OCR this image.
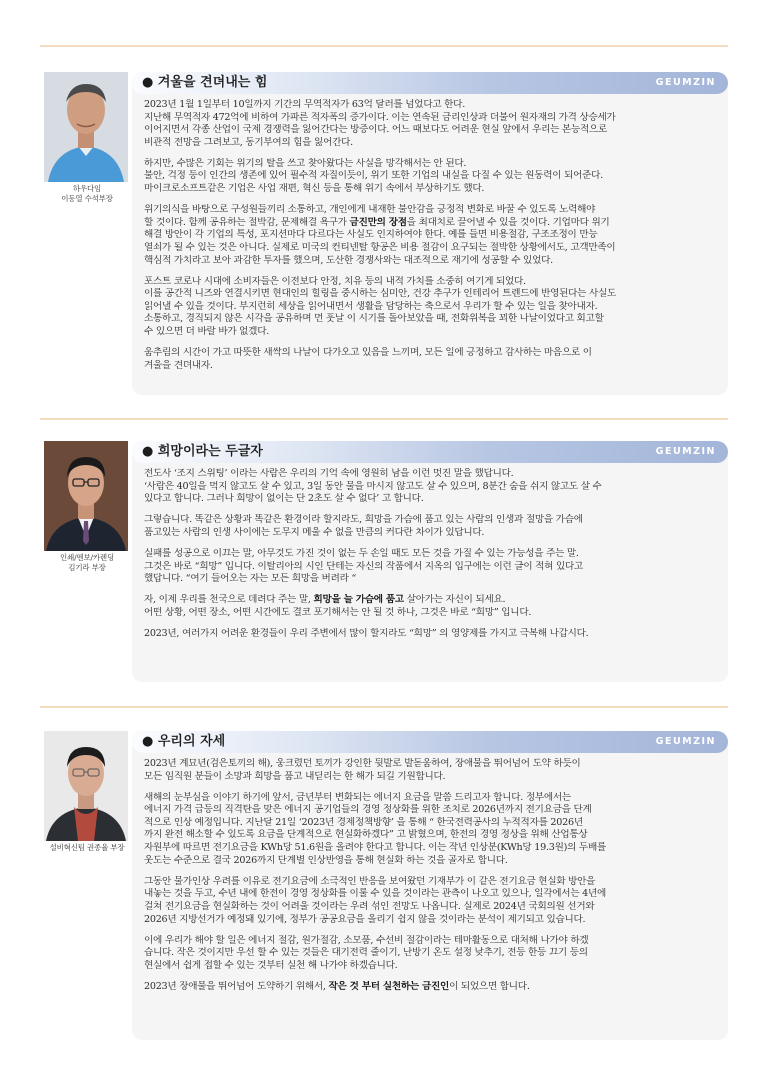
하우다임
이동열 수석부장
● 겨울을 견뎌내는 힘	GEUMZIN
2023년 1월 1일부터 10일까지 기간의 무역적자가 63억 달러를 넘었다고 한다.
지난해 무역적자 472억에 비하여 가파른 적자폭의 증가이다. 이는 연속된 금리인상과 더불어 원자재의 가격 상승세가
이어지면서 각종 산업이 국제 경쟁력을 잃어간다는 방증이다. 어느 때보다도 어려운 현실 앞에서 우리는 본능적으로
비관적 전망을 그려보고, 동기부여의 힘을 잃어간다.
하지만, 수많은 기회는 위기의 탈을 쓰고 찾아왔다는 사실을 망각해서는 안 된다.
불안, 걱정 등이 인간의 생존에 있어 필수적 자질이듯이, 위기 또한 기업의 내실을 다질 수 있는 원동력이 되어준다.
마이크로소프트같은 기업은 사업 재편, 혁신 등을 통해 위기 속에서 부상하기도 했다.
위기의식을 바탕으로 구성원들끼리 소통하고, 개인에게 내재한 불안감을 긍정적 변화로 바꿀 수 있도록 노력해야
할 것이다. 함께 공유하는 절박감, 문제해결 욕구가 금진만의 장점을 최대치로 끌어낼 수 있을 것이다. 기업마다 위기
해결 방안이 각 기업의 특성, 포지션마다 다르다는 사실도 인지하여야 한다. 예를 들면 비용절감, 구조조정이 만능
열쇠가 될 수 있는 것은 아니다. 실제로 미국의 컨티넨탈 항공은 비용 절감이 요구되는 절박한 상황에서도, 고객만족이
핵심적 가치라고 보아 과감한 투자를 했으며, 도산한 경쟁사와는 대조적으로 재기에 성공할 수 있었다.
포스트 코로나 시대에 소비자들은 이전보다 안정, 치유 등의 내적 가치를 소중히 여기게 되었다.
이를 공간적 니즈와 연결시키면 현대인의 힐링을 중시하는 심미안, 건강 추구가 인테리어 트렌드에 반영된다는 사실도
읽어낼 수 있을 것이다. 부지런히 세상을 읽어내면서 생활을 담당하는 축으로서 우리가 할 수 있는 일을 찾아내자.
소통하고, 경직되지 않은 시각을 공유하며 먼 훗날 이 시기를 돌아보았을 때, 전화위복을 꾀한 나날이었다고 회고할
수 있으면 더 바랄 바가 없겠다.
움추림의 시간이 가고 따뜻한 새싹의 나날이 다가오고 있음을 느끼며, 모든 일에 긍정하고 감사하는 마음으로 이
겨울을 견뎌내자.
인쇄/엔보/카렌딩
김기라 부장
● 희망이라는 두글자	GEUMZIN
전도사 ‘조지 스위팅’ 이라는 사람은 우리의 기억 속에 영원히 남을 이런 멋진 말을 했답니다.
‘사람은 40일을 먹지 않고도 살 수 있고, 3일 동안 물을 마시지 않고도 살 수 있으며, 8분간 숨을 쉬지 않고도 살 수
있다고 합니다. 그러나 희망이 없이는 단 2초도 살 수 없다’ 고 합니다.
그렇습니다. 똑같은 상황과 똑같은 환경이라 할지라도, 희망을 가슴에 품고 있는 사람의 인생과 절망을 가슴에
품고있는 사람의 인생 사이에는 도무지 메울 수 없을 만큼의 커다란 차이가 있답니다.
실패를 성공으로 이끄는 말, 아무것도 가진 것이 없는 두 손일 때도 모든 것을 가질 수 있는 가능성을 주는 말.
그것은 바로 “희망” 입니다. 이탈리아의 시인 단테는 자신의 작품에서 지옥의 입구에는 이런 글이 적혀 있다고
했답니다. “여기 들어오는 자는 모든 희망을 버려라 “
자, 이제 우리를 천국으로 데려다 주는 말, 희망을 늘 가슴에 품고 살아가는 자신이 되세요.
어떤 상황, 어떤 장소, 어떤 시간에도 결코 포기해서는 안 될 것 하나, 그것은 바로 “희망” 입니다.
2023년, 여러가지 어려운 환경들이 우리 주변에서 많이 할지라도 “희망” 의 영양제를 가지고 극복해 나갑시다.
설비혁신팀 권종율 부장
● 우리의 자세	GEUMZIN
2023년 계묘년(검은토끼의 해), 웅크렸던 토끼가 강인한 뒷발로 발돋움하여, 장애물을 뛰어넘어 도약 하듯이
모든 임직원 분들이 소망과 희망을 품고 내딛리는 한 해가 되길 기원합니다.
새해의 눈부심을 이야기 하기에 앞서, 금년부터 변화되는 에너지 요금을 말씀 드리고자 합니다. 정부에서는
에너지 가격 급등의 직격탄을 맞은 에너지 공기업들의 경영 정상화를 위한 조치로 2026년까지 전기요금을 단계
적으로 인상 예정입니다. 지난달 21일 ‘2023년 경제정책방향’ 을 통해 “ 한국전력공사의 누적적자를 2026년
까지 완전 해소할 수 있도록 요금을 단계적으로 현실화하겠다” 고 밝혔으며, 한전의 경영 정상을 위해 산업통상
자원부에 따르면 전기요금을 KWh당 51.6원을 올려야 한다고 합니다. 이는 작년 인상분(KWh당 19.3원)의 두배를
웃도는 수준으로 결국 2026까지 단계별 인상반영을 통해 현실화 하는 것을 골자로 합니다.
그동안 물가인상 우려를 이유로 전기요금에 소극적인 반응을 보여왔던 기재부가 이 같은 전기요금 현실화 방안을
내놓는 것을 두고, 수년 내에 한전이 경영 정상화를 이룰 수 있을 것이라는 관측이 나오고 있으나, 일각에서는 4년에
걸쳐 전기요금을 현실화하는 것이 어려울 것이라는 우려 섞인 전망도 나옵니다. 실제로 2024년 국회의원 선거와
2026년 지방선거가 예정돼 있기에, 정부가 공공요금을 올리기 쉽지 않을 것이라는 분석이 제기되고 있습니다.
이에 우리가 해야 할 일은 에너지 절감, 원가절감, 소모품, 수선비 절감이라는 테마활동으로 대처해 나가야 하겠
습니다. 작은 것이지만 우선 할 수 있는 것들은 대기전력 줄이기, 난방기 온도 설정 낮추기, 전등 한등 끄기 등의
현실에서 쉽게 접할 수 있는 것부터 실천 해 나가야 하겠습니다.
2023년 장애물을 뛰어넘어 도약하기 위해서, 작은 것 부터 실천하는 금진인이 되었으면 합니다.
